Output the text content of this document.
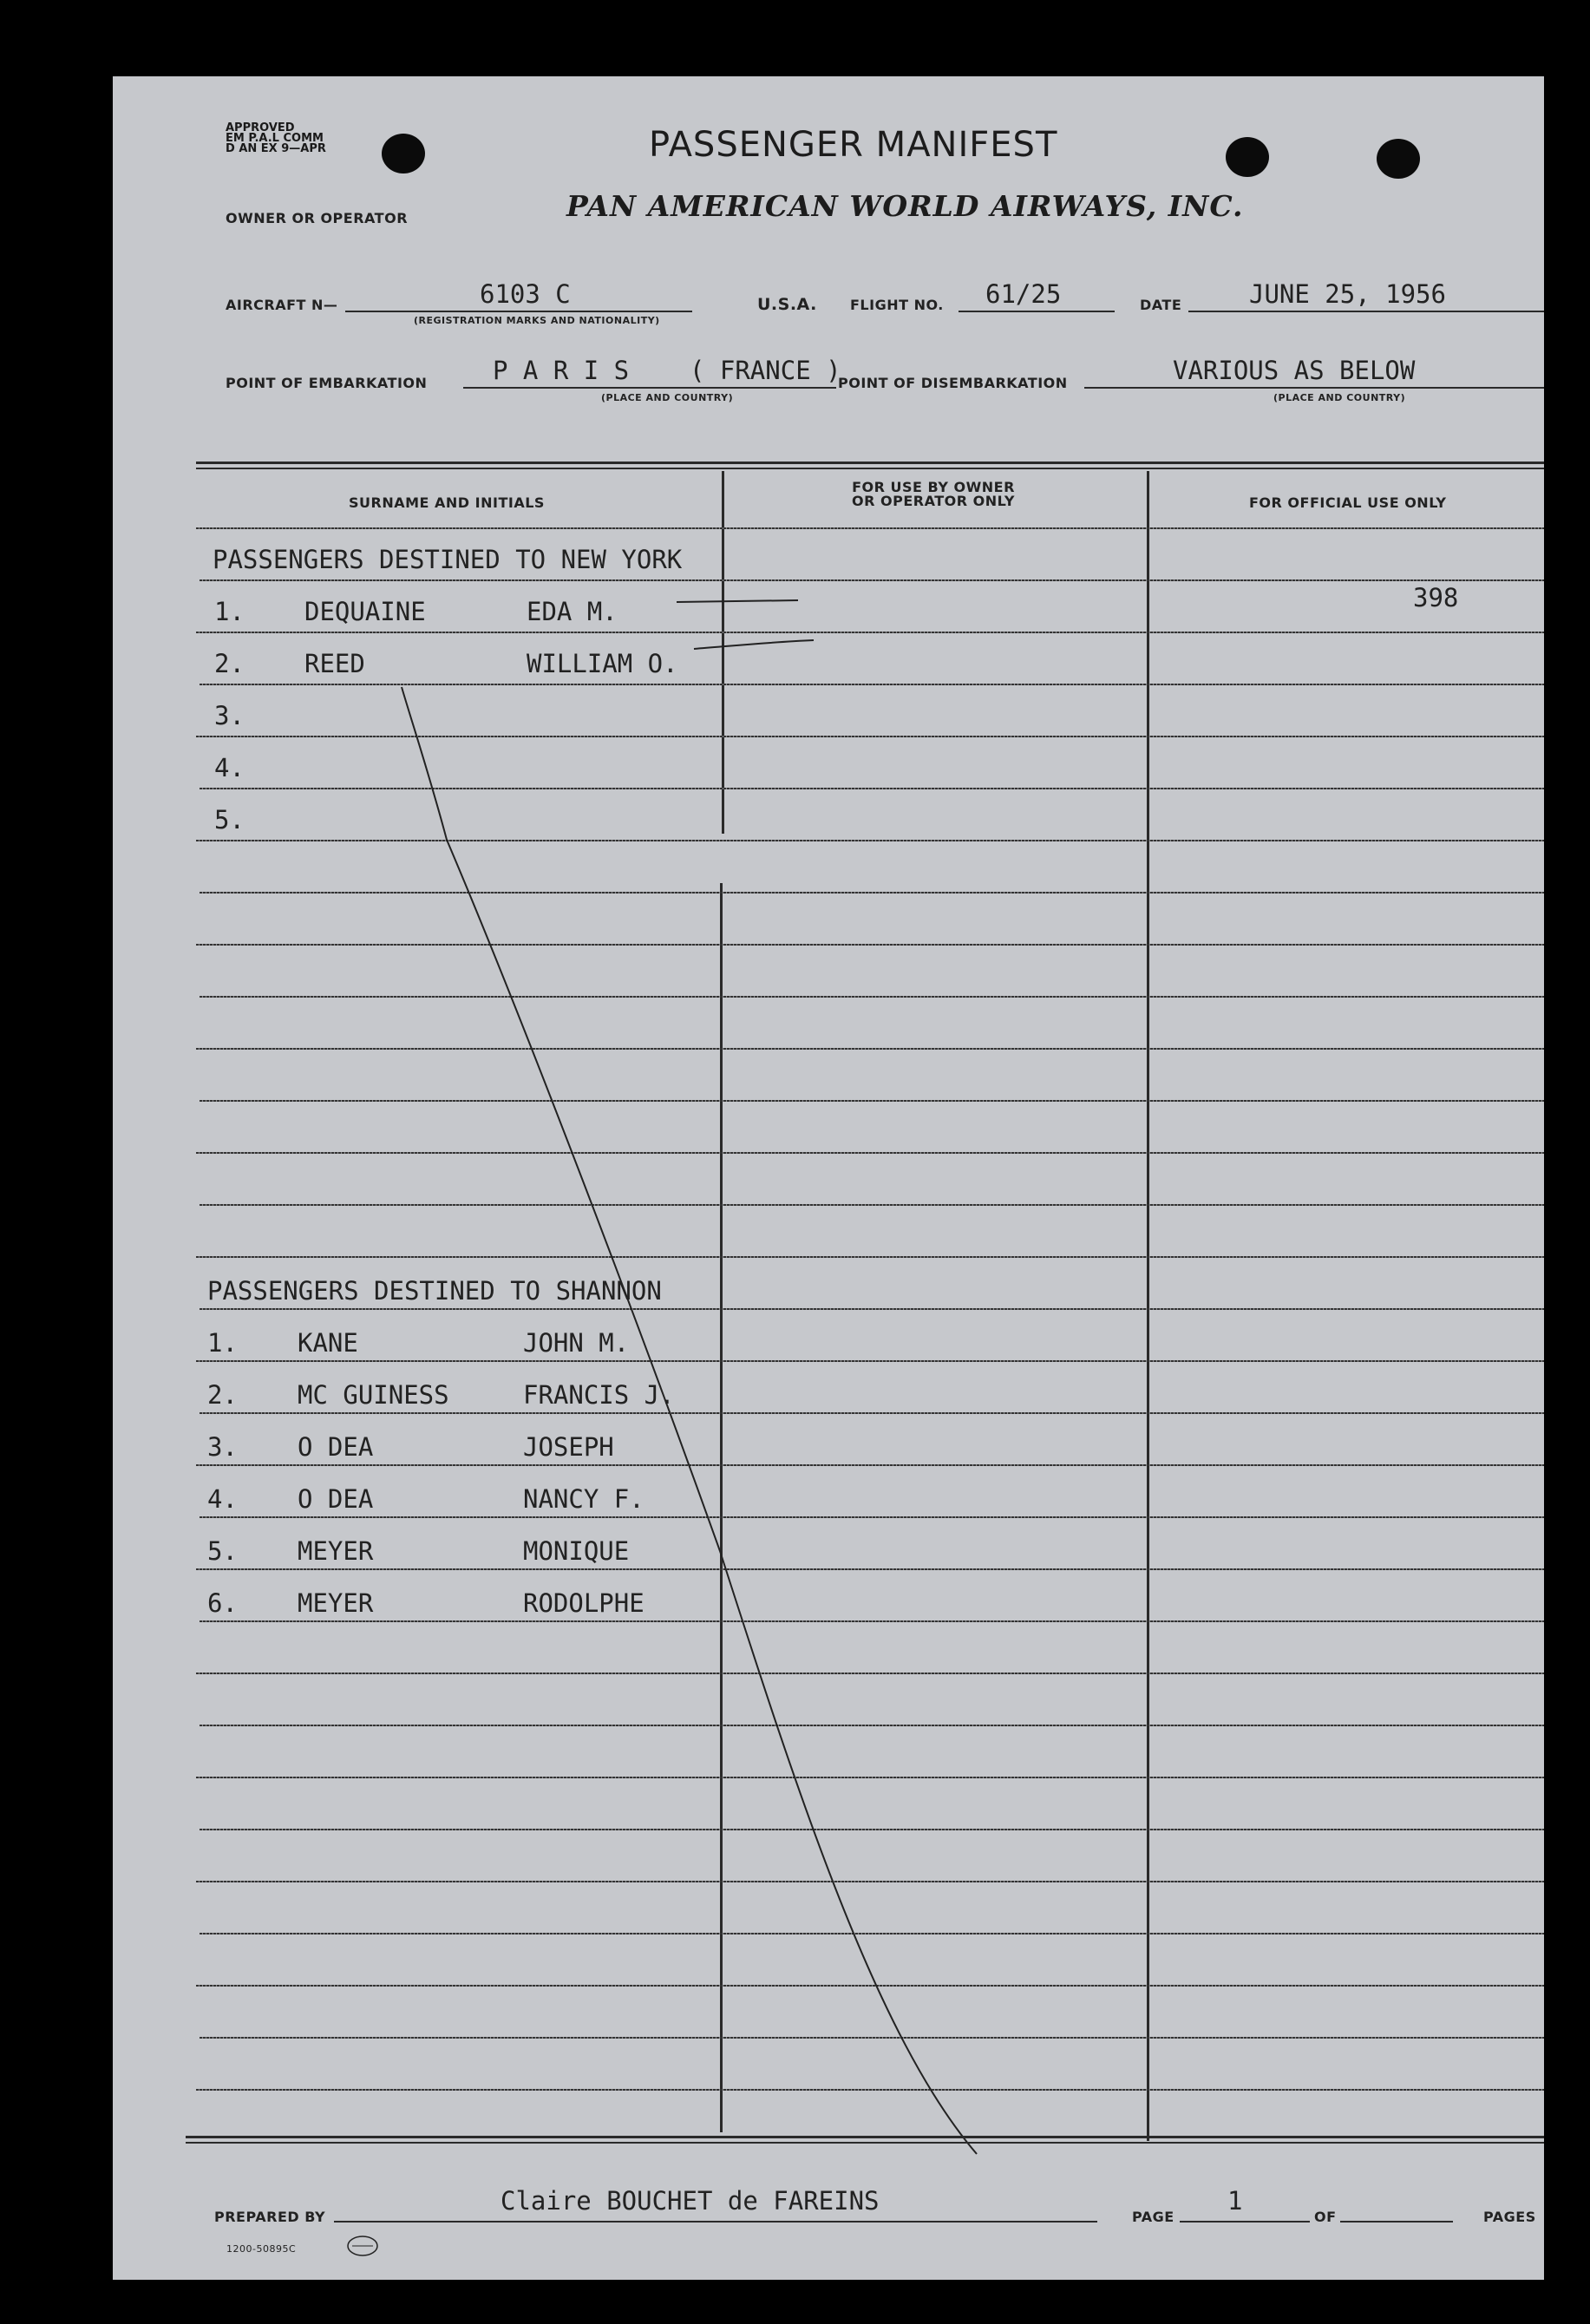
APPROVED
EM P.A.L COMM
D AN EX 9—APR	PASSENGER MANIFEST
OWNER OR OPERATOR	PAN AMERICAN WORLD AIRWAYS, INC.
AIRCRAFT N—	6103 C
(REGISTRATION MARKS AND NATIONALITY)
U.S.A. FLIGHT NO. 61/25	DATE	JUNE 25, 1956
POINT OF EMBARKATION	P A R I S    ( FRANCE )
(PLACE AND COUNTRY)
POINT OF DISEMBARKATION	VARIOUS AS BELOW
(PLACE AND COUNTRY)
SURNAME AND INITIALS
FOR USE BY OWNER
OR OPERATOR ONLY	FOR OFFICIAL USE ONLY
PASSENGERS DESTINED TO NEW YORK
398
1. DEQUAINE	EDA M.
2. REED	WILLIAM O.
3.
4.
5.
PASSENGERS DESTINED TO SHANNON
1. KANE	JOHN M.
2. MC GUINESS	FRANCIS J.
3. O DEA	JOSEPH
4. O DEA	NANCY F.
5. MEYER	MONIQUE
6. MEYER	RODOLPHE
PREPARED BY
Claire BOUCHET de FAREINS
PAGE
1
OF	PAGES
1200-50895C
